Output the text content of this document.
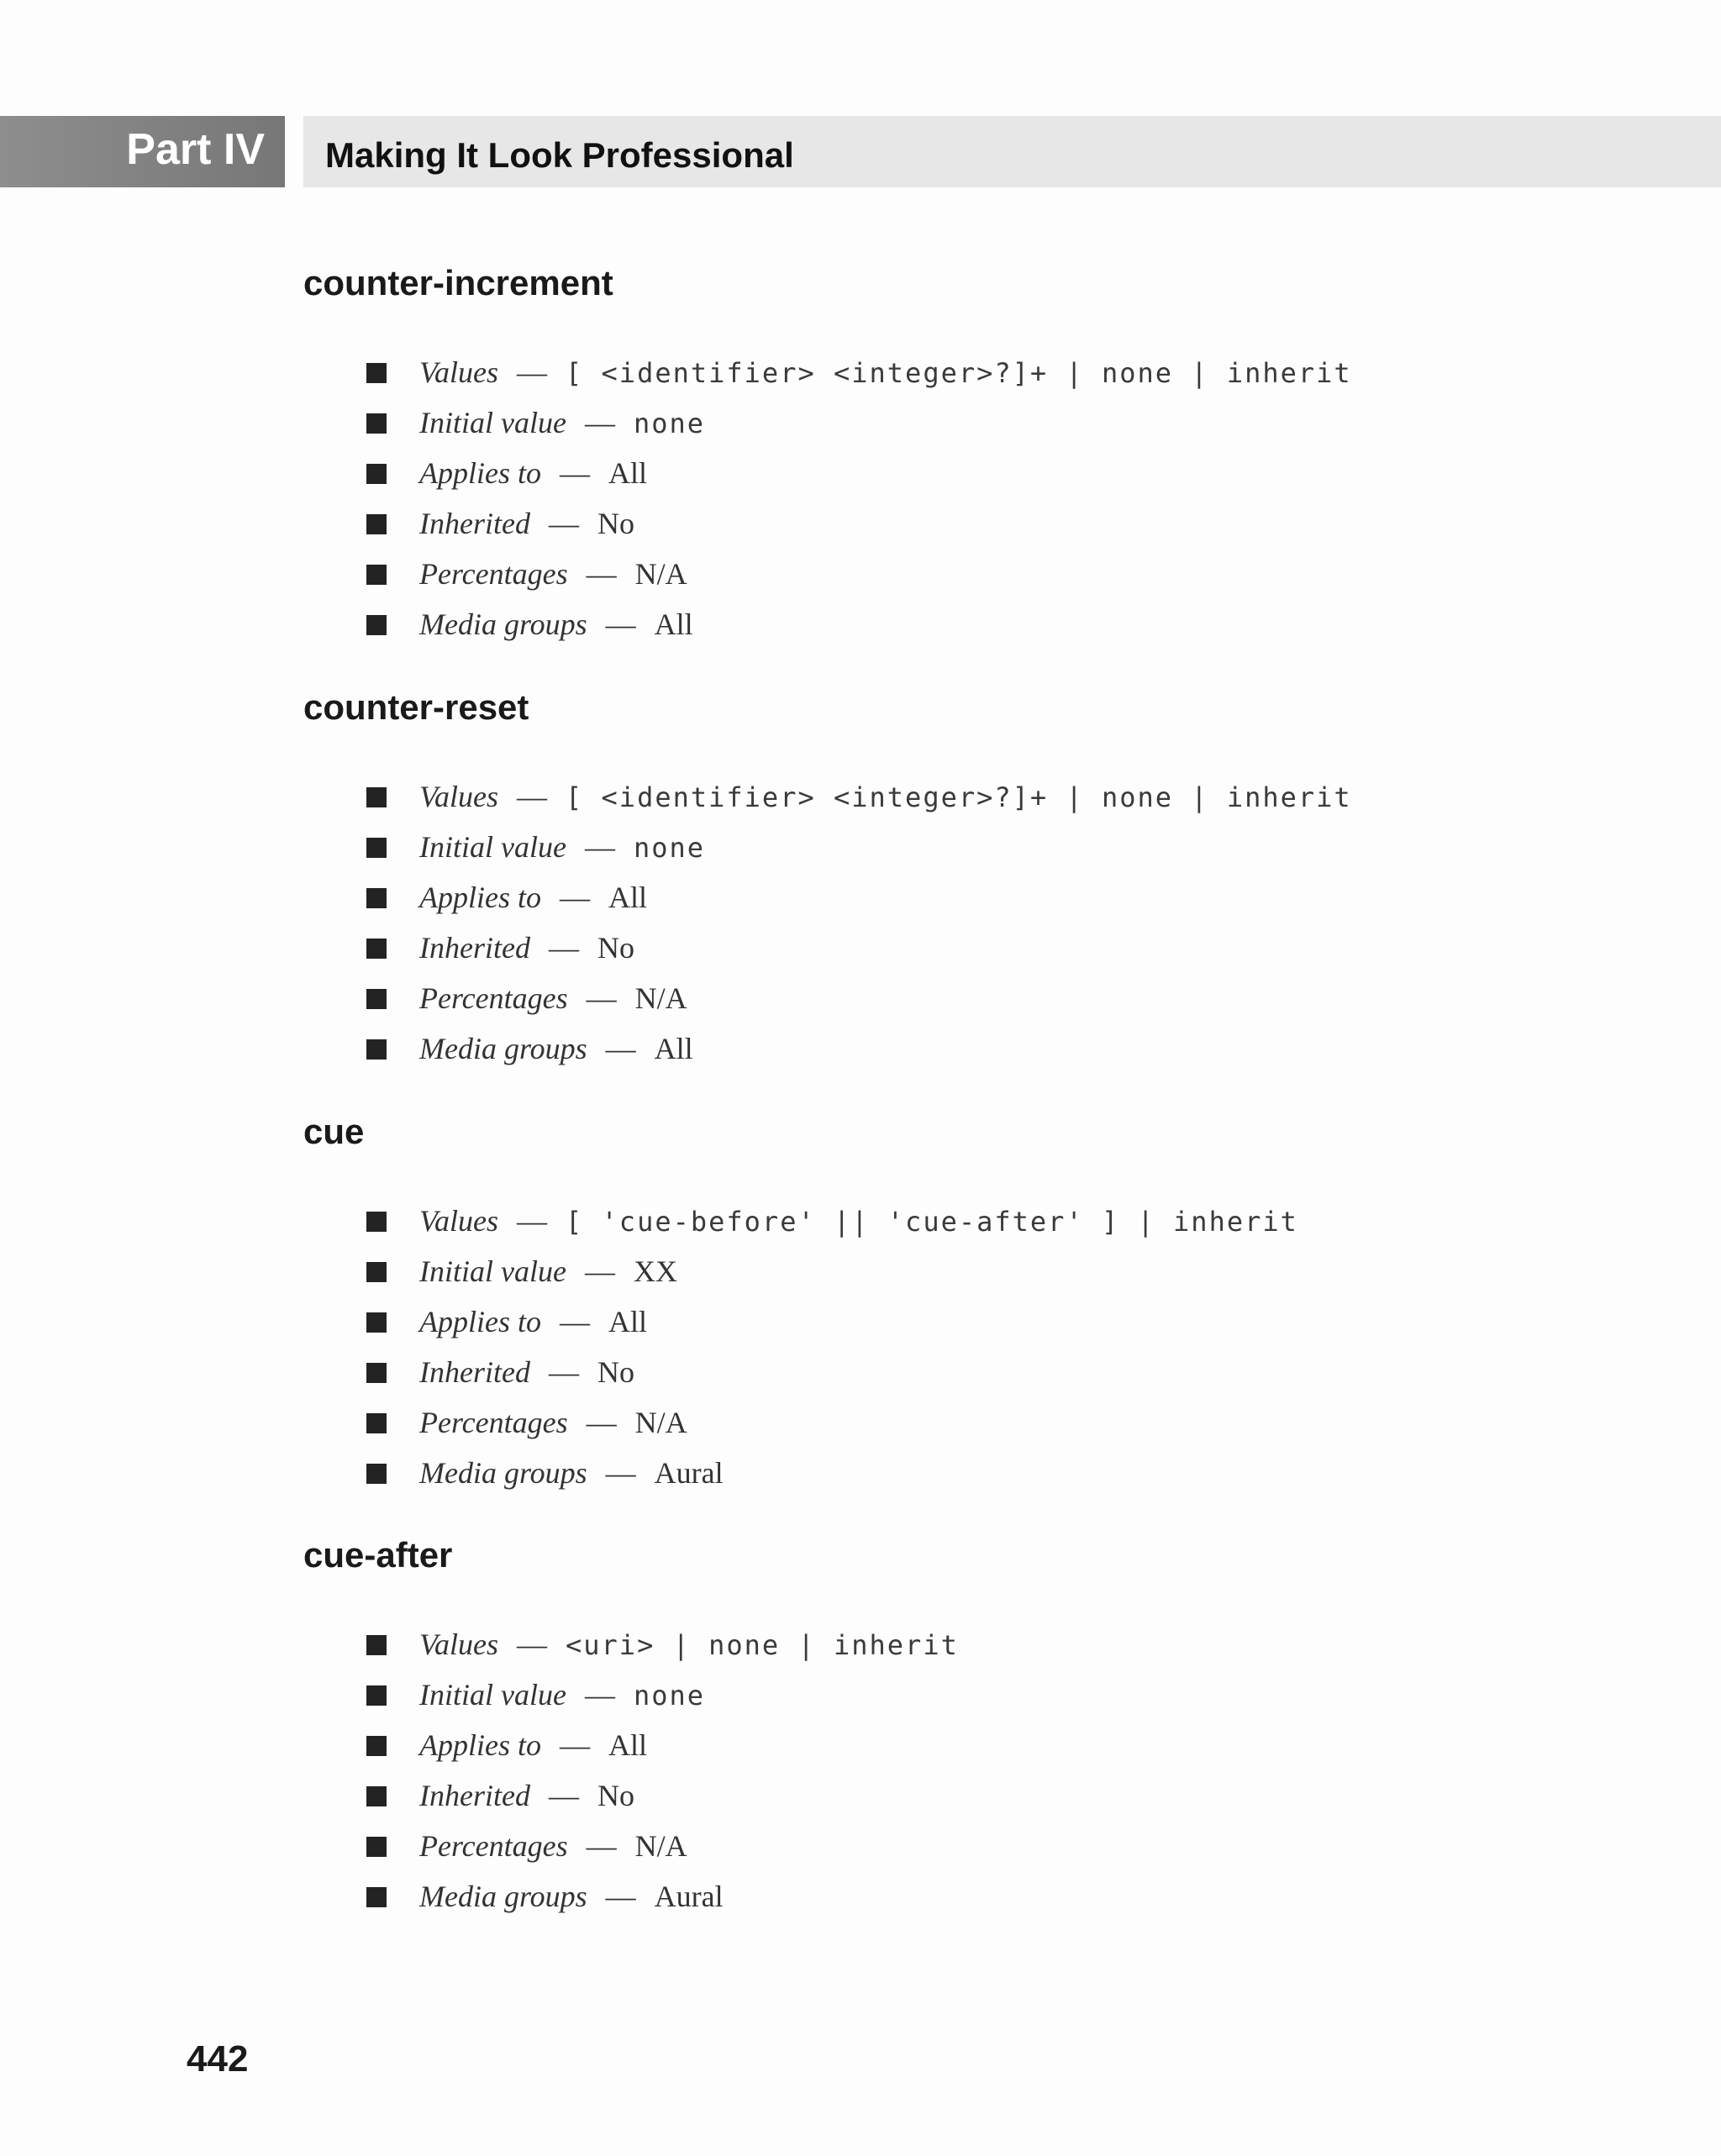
Part IV Making It Look Professional
counter-increment
Values — [ <identifier> <integer>?]+ | none | inherit
Initial value — none
Applies to — All
Inherited — No
Percentages — N/A
Media groups — All
counter-reset
Values — [ <identifier> <integer>?]+ | none | inherit
Initial value — none
Applies to — All
Inherited — No
Percentages — N/A
Media groups — All
cue
Values — [ 'cue-before' || 'cue-after' ] | inherit
Initial value — XX
Applies to — All
Inherited — No
Percentages — N/A
Media groups — Aural
cue-after
Values — <uri> | none | inherit
Initial value — none
Applies to — All
Inherited — No
Percentages — N/A
Media groups — Aural
442
